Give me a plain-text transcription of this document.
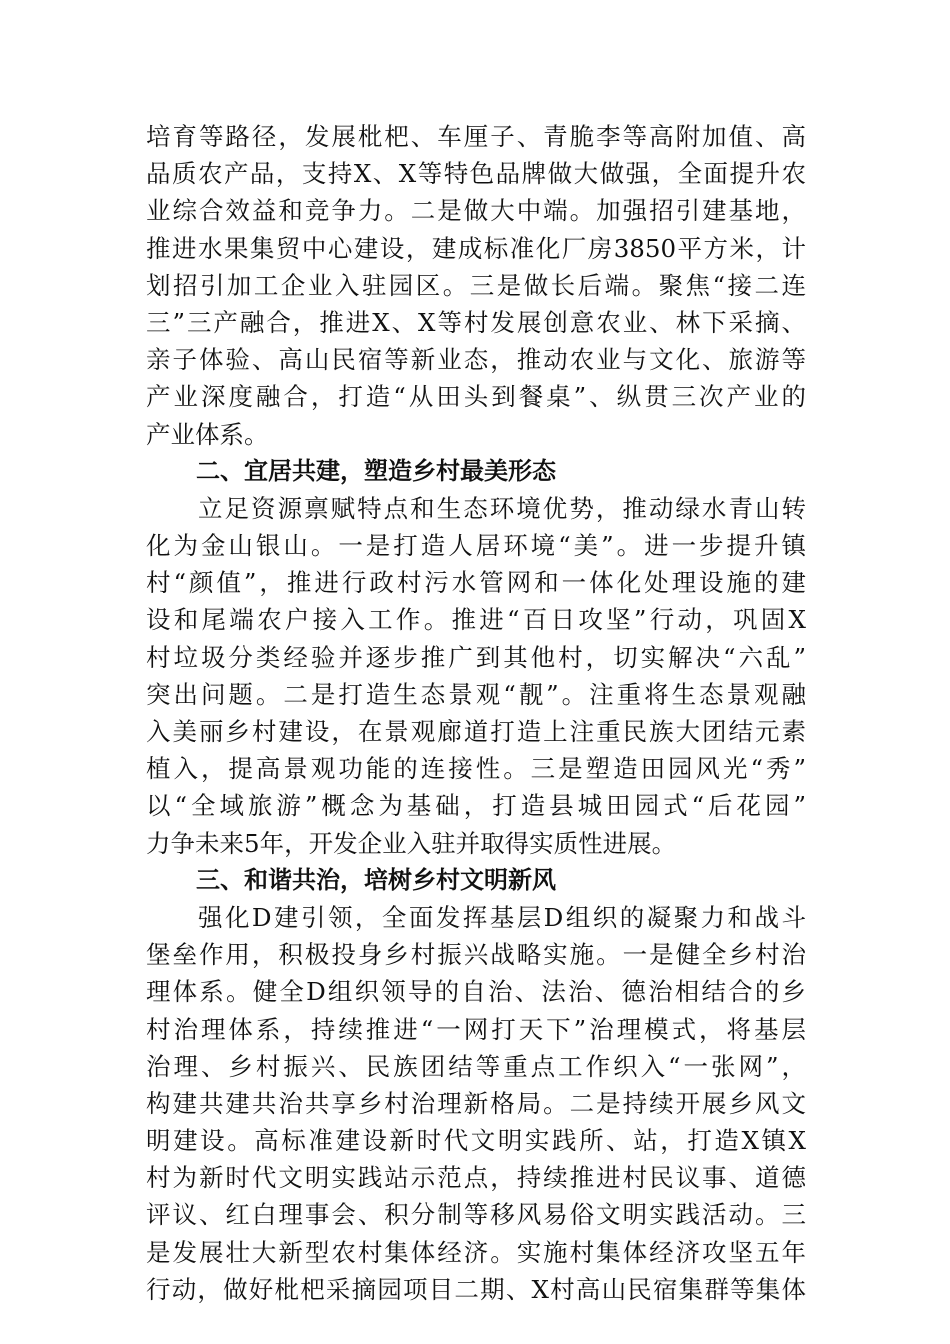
培育等路径，发展枇杷、车厘子、青脆李等高附加值、高
品质农产品，支持X、X等特色品牌做大做强，全面提升农
业综合效益和竞争力。二是做大中端。加强招引建基地，
推进水果集贸中心建设，建成标准化厂房3850平方米，计
划招引加工企业入驻园区。三是做长后端。聚焦“接二连
三”三产融合，推进X、X等村发展创意农业、林下采摘、
亲子体验、高山民宿等新业态，推动农业与文化、旅游等
产业深度融合，打造“从田头到餐桌”、纵贯三次产业的
产业体系。
二、宜居共建，塑造乡村最美形态
立足资源禀赋特点和生态环境优势，推动绿水青山转
化为金山银山。一是打造人居环境“美”。进一步提升镇
村“颜值”，推进行政村污水管网和一体化处理设施的建
设和尾端农户接入工作。推进“百日攻坚”行动，巩固X
村垃圾分类经验并逐步推广到其他村，切实解决“六乱”
突出问题。二是打造生态景观“靓”。注重将生态景观融
入美丽乡村建设，在景观廊道打造上注重民族大团结元素
植入，提高景观功能的连接性。三是塑造田园风光“秀”
以“全域旅游”概念为基础，打造县城田园式“后花园”
力争未来5年，开发企业入驻并取得实质性进展。
三、和谐共治，培树乡村文明新风
强化D建引领，全面发挥基层D组织的凝聚力和战斗
堡垒作用，积极投身乡村振兴战略实施。一是健全乡村治
理体系。健全D组织领导的自治、法治、德治相结合的乡
村治理体系，持续推进“一网打天下”治理模式，将基层
治理、乡村振兴、民族团结等重点工作织入“一张网”，
构建共建共治共享乡村治理新格局。二是持续开展乡风文
明建设。高标准建设新时代文明实践所、站，打造X镇X
村为新时代文明实践站示范点，持续推进村民议事、道德
评议、红白理事会、积分制等移风易俗文明实践活动。三
是发展壮大新型农村集体经济。实施村集体经济攻坚五年
行动，做好枇杷采摘园项目二期、X村高山民宿集群等集体
